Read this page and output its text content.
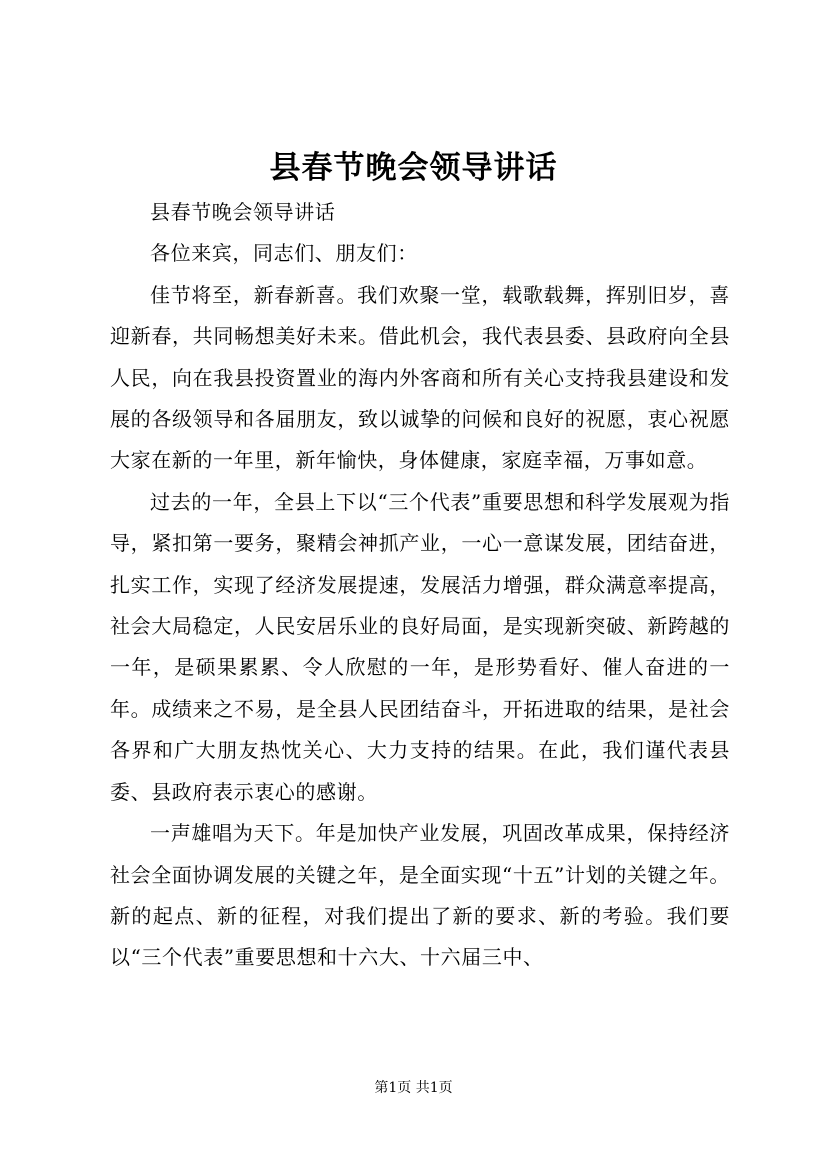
县春节晚会领导讲话

县春节晚会领导讲话

各位来宾，同志们、朋友们：

佳节将至，新春新喜。我们欢聚一堂，载歌载舞，挥别旧岁，喜迎新春，共同畅想美好未来。借此机会，我代表县委、县政府向全县人民，向在我县投资置业的海内外客商和所有关心支持我县建设和发展的各级领导和各届朋友，致以诚挚的问候和良好的祝愿，衷心祝愿大家在新的一年里，新年愉快，身体健康，家庭幸福，万事如意。

过去的一年，全县上下以“三个代表”重要思想和科学发展观为指导，紧扣第一要务，聚精会神抓产业，一心一意谋发展，团结奋进，扎实工作，实现了经济发展提速，发展活力增强，群众满意率提高，社会大局稳定，人民安居乐业的良好局面，是实现新突破、新跨越的一年，是硕果累累、令人欣慰的一年，是形势看好、催人奋进的一年。成绩来之不易，是全县人民团结奋斗，开拓进取的结果，是社会各界和广大朋友热忱关心、大力支持的结果。在此，我们谨代表县委、县政府表示衷心的感谢。

一声雄唱为天下。年是加快产业发展，巩固改革成果，保持经济社会全面协调发展的关键之年，是全面实现“十五”计划的关键之年。新的起点、新的征程，对我们提出了新的要求、新的考验。我们要以“三个代表”重要思想和十六大、十六届三中、

第1页 共1页
